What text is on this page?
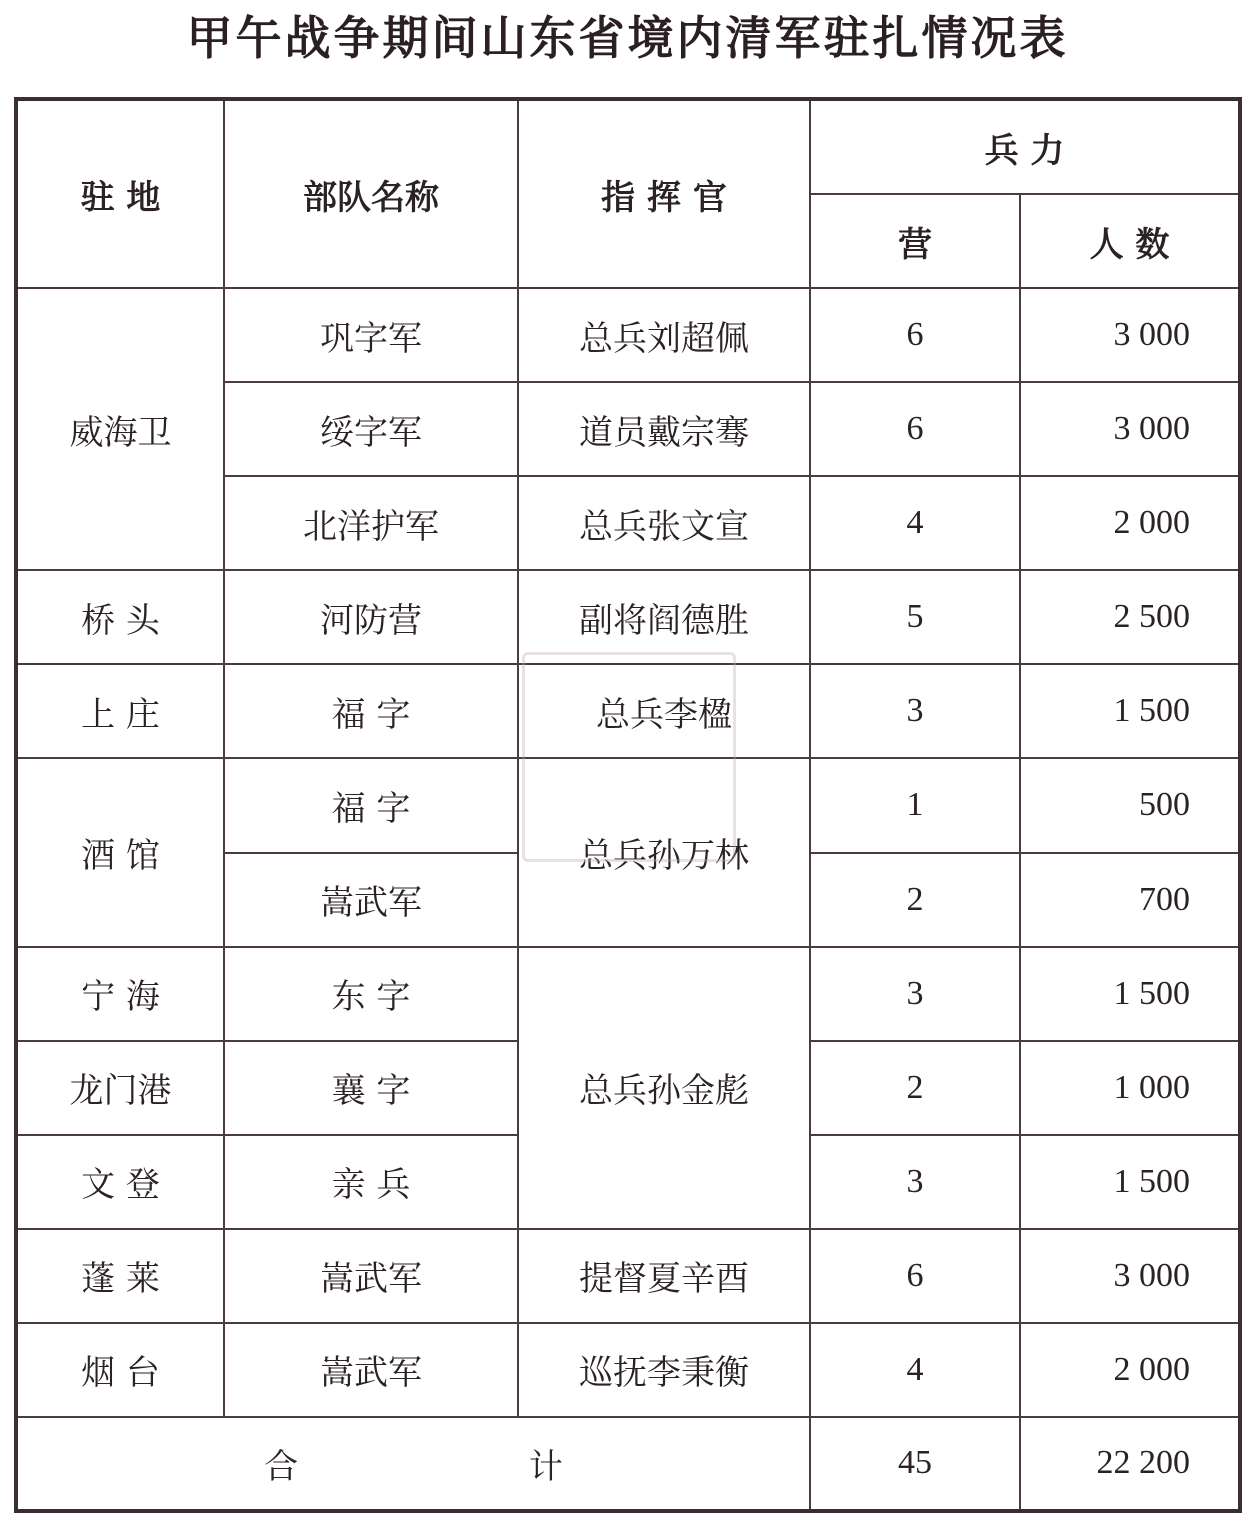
甲午战争期间山东省境内清军驻扎情况表
驻 地	部队名称	指 挥 官	兵 力	
			营	人 数
威海卫	巩字军	总兵刘超佩	6	3 000
	绥字军	道员戴宗骞	6	3 000
	北洋护军	总兵张文宣	4	2 000
桥 头	河防营	副将阎德胜	5	2 500
上 庄	福 字	总兵李楹	3	1 500
酒 馆	福 字	总兵孙万林	1	500
	嵩武军		2	700
宁 海	东 字	总兵孙金彪	3	1 500
龙门港	襄 字		2	1 000
文 登	亲 兵		3	1 500
蓬 莱	嵩武军	提督夏辛酉	6	3 000
烟 台	嵩武军	巡抚李秉衡	4	2 000
合 计			45	22 200
